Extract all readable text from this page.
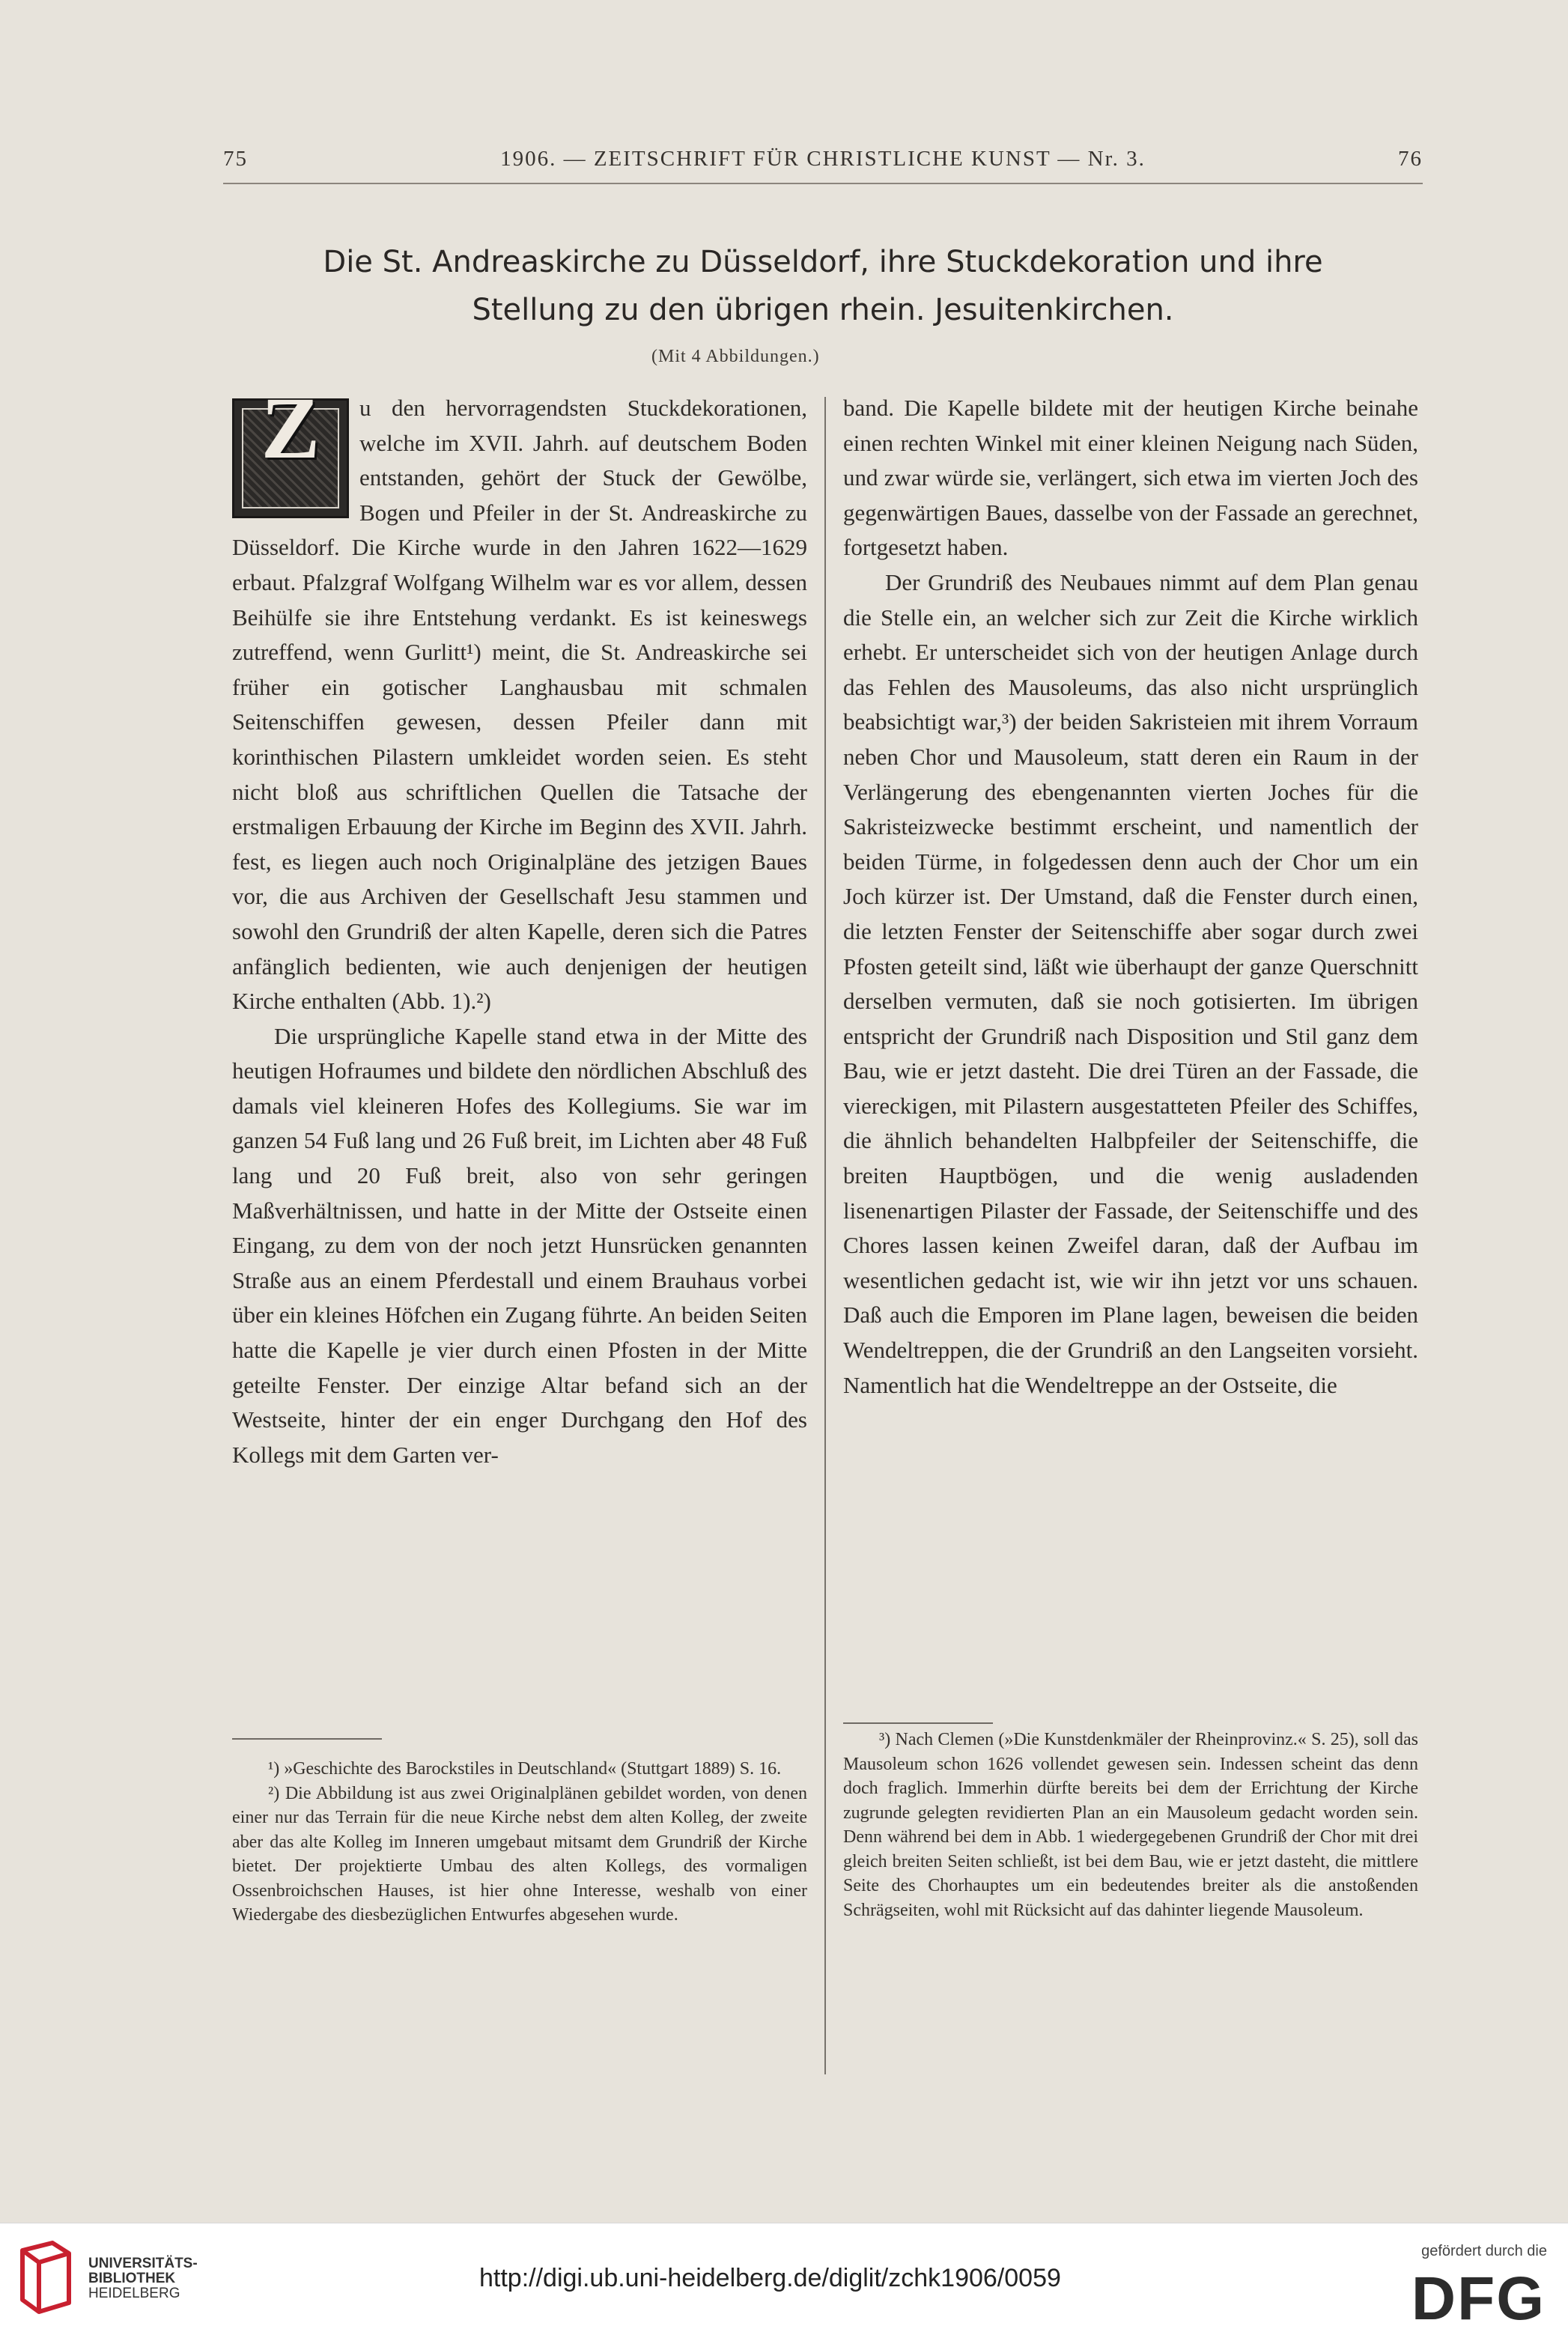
75	1906. — ZEITSCHRIFT FÜR CHRISTLICHE KUNST — Nr. 3.	76
Die St. Andreaskirche zu Düsseldorf, ihre Stuckdekoration und ihre
Stellung zu den übrigen rhein. Jesuitenkirchen.
(Mit 4 Abbildungen.)

Z	u den hervorragendsten Stuckdekorationen, welche im XVII. Jahrh. auf deutschem Boden entstanden, gehört der Stuck der Gewölbe, Bogen und Pfeiler in der St. Andreaskirche zu Düsseldorf. Die Kirche wurde in den Jahren 1622—1629 erbaut. Pfalzgraf Wolfgang Wilhelm war es vor allem, dessen Beihülfe sie ihre Entstehung verdankt. Es ist keineswegs zutreffend, wenn Gurlitt¹) meint, die St. Andreaskirche sei früher ein gotischer Langhausbau mit schmalen Seitenschiffen gewesen, dessen Pfeiler dann mit korinthischen Pilastern umkleidet worden seien. Es steht nicht bloß aus schriftlichen Quellen die Tatsache der erstmaligen Erbauung der Kirche im Beginn des XVII. Jahrh. fest, es liegen auch noch Originalpläne des jetzigen Baues vor, die aus Archiven der Gesellschaft Jesu stammen und sowohl den Grundriß der alten Kapelle, deren sich die Patres anfänglich bedienten, wie auch denjenigen der heutigen Kirche enthalten (Abb. 1).²)

Die ursprüngliche Kapelle stand etwa in der Mitte des heutigen Hofraumes und bildete den nördlichen Abschluß des damals viel kleineren Hofes des Kollegiums. Sie war im ganzen 54 Fuß lang und 26 Fuß breit, im Lichten aber 48 Fuß lang und 20 Fuß breit, also von sehr geringen Maßverhältnissen, und hatte in der Mitte der Ostseite einen Eingang, zu dem von der noch jetzt Hunsrücken genannten Straße aus an einem Pferdestall und einem Brauhaus vorbei über ein kleines Höfchen ein Zugang führte. An beiden Seiten hatte die Kapelle je vier durch einen Pfosten in der Mitte geteilte Fenster. Der einzige Altar befand sich an der Westseite, hinter der ein enger Durchgang den Hof des Kollegs mit dem Garten ver-

band. Die Kapelle bildete mit der heutigen Kirche beinahe einen rechten Winkel mit einer kleinen Neigung nach Süden, und zwar würde sie, verlängert, sich etwa im vierten Joch des gegenwärtigen Baues, dasselbe von der Fassade an gerechnet, fortgesetzt haben.

Der Grundriß des Neubaues nimmt auf dem Plan genau die Stelle ein, an welcher sich zur Zeit die Kirche wirklich erhebt. Er unterscheidet sich von der heutigen Anlage durch das Fehlen des Mausoleums, das also nicht ursprünglich beabsichtigt war,³) der beiden Sakristeien mit ihrem Vorraum neben Chor und Mausoleum, statt deren ein Raum in der Verlängerung des ebengenannten vierten Joches für die Sakristeizwecke bestimmt erscheint, und namentlich der beiden Türme, in folgedessen denn auch der Chor um ein Joch kürzer ist. Der Umstand, daß die Fenster durch einen, die letzten Fenster der Seitenschiffe aber sogar durch zwei Pfosten geteilt sind, läßt wie überhaupt der ganze Querschnitt derselben vermuten, daß sie noch gotisierten. Im übrigen entspricht der Grundriß nach Disposition und Stil ganz dem Bau, wie er jetzt dasteht. Die drei Türen an der Fassade, die viereckigen, mit Pilastern ausgestatteten Pfeiler des Schiffes, die ähnlich behandelten Halbpfeiler der Seitenschiffe, die breiten Hauptbögen, und die wenig ausladenden lisenenartigen Pilaster der Fassade, der Seitenschiffe und des Chores lassen keinen Zweifel daran, daß der Aufbau im wesentlichen gedacht ist, wie wir ihn jetzt vor uns schauen. Daß auch die Emporen im Plane lagen, beweisen die beiden Wendeltreppen, die der Grundriß an den Langseiten vorsieht. Namentlich hat die Wendeltreppe an der Ostseite, die

¹) »Geschichte des Barockstiles in Deutschland« (Stuttgart 1889) S. 16.

²) Die Abbildung ist aus zwei Originalplänen gebildet worden, von denen einer nur das Terrain für die neue Kirche nebst dem alten Kolleg, der zweite aber das alte Kolleg im Inneren umgebaut mitsamt dem Grundriß der Kirche bietet. Der projektierte Umbau des alten Kollegs, des vormaligen Ossenbroichschen Hauses, ist hier ohne Interesse, weshalb von einer Wiedergabe des diesbezüglichen Entwurfes abgesehen wurde.

³) Nach Clemen (»Die Kunstdenkmäler der Rheinprovinz.« S. 25), soll das Mausoleum schon 1626 vollendet gewesen sein. Indessen scheint das denn doch fraglich. Immerhin dürfte bereits bei dem der Errichtung der Kirche zugrunde gelegten revidierten Plan an ein Mausoleum gedacht worden sein. Denn während bei dem in Abb. 1 wiedergegebenen Grundriß der Chor mit drei gleich breiten Seiten schließt, ist bei dem Bau, wie er jetzt dasteht, die mittlere Seite des Chorhauptes um ein bedeutendes breiter als die anstoßenden Schrägseiten, wohl mit Rücksicht auf das dahinter liegende Mausoleum.

UNIVERSITÄTS-
BIBLIOTHEK
HEIDELBERG
http://digi.ub.uni-heidelberg.de/diglit/zchk1906/0059
gefördert durch die
DFG
